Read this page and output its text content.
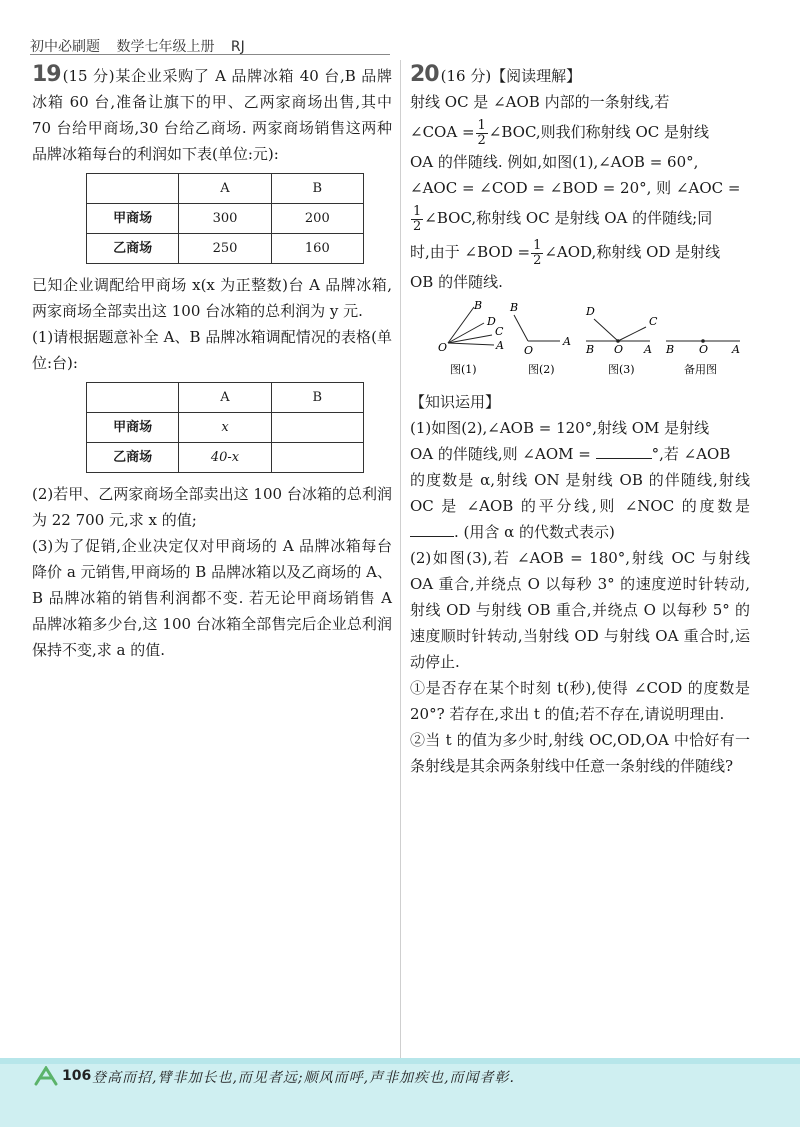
初中必刷题 数学七年级上册 RJ

19 (15 分)某企业采购了 A 品牌冰箱 40 台,B 品牌冰箱 60 台,准备让旗下的甲、乙两家商场出售,其中 70 台给甲商场,30 台给乙商场. 两家商场销售这两种品牌冰箱每台的利润如下表(单位:元):

	A	B
甲商场	300	200
乙商场	250	160

已知企业调配给甲商场 x(x 为正整数)台 A 品牌冰箱,两家商场全部卖出这 100 台冰箱的总利润为 y 元.

(1)请根据题意补全 A、B 品牌冰箱调配情况的表格(单位:台):

	A	B
甲商场	x	
乙商场	40-x	

(2)若甲、乙两家商场全部卖出这 100 台冰箱的总利润为 22 700 元,求 x 的值;

(3)为了促销,企业决定仅对甲商场的 A 品牌冰箱每台降价 a 元销售,甲商场的 B 品牌冰箱以及乙商场的 A、B 品牌冰箱的销售利润都不变. 若无论甲商场销售 A 品牌冰箱多少台,这 100 台冰箱全部售完后企业总利润保持不变,求 a 的值.

20 (16 分)【阅读理解】

射线 OC 是 ∠AOB 内部的一条射线,若

∠COA = $\frac{1}{2}$ ∠BOC,则我们称射线 OC 是射线

OA 的伴随线. 例如,如图(1),∠AOB = 60°,

∠AOC = ∠COD = ∠BOD = 20°, 则 ∠AOC =

$\frac{1}{2}$ ∠BOC,称射线 OC 是射线 OA 的伴随线;同

时,由于 ∠BOD = $\frac{1}{2}$ ∠AOD,称射线 OD 是射线

OB 的伴随线.

B
D
C
A
O
图(1)
B
O
A
图(2)
D
C
B O A
图(3)
B O A
备用图

【知识运用】

(1)如图(2),∠AOB = 120°,射线 OM 是射线

OA 的伴随线,则 ∠AOM =	°,若 ∠AOB

的度数是 α,射线 ON 是射线 OB 的伴随线,射线 OC 是 ∠AOB 的平分线,则 ∠NOC 的度数是. (用含 α 的代数式表示)

(2)如图(3),若 ∠AOB = 180°,射线 OC 与射线 OA 重合,并绕点 O 以每秒 3° 的速度逆时针转动,射线 OD 与射线 OB 重合,并绕点 O 以每秒 5° 的速度顺时针转动,当射线 OD 与射线 OA 重合时,运动停止.

①是否存在某个时刻 t(秒),使得 ∠COD 的度数是 20°? 若存在,求出 t 的值;若不存在,请说明理由.

②当 t 的值为多少时,射线 OC,OD,OA 中恰好有一条射线是其余两条射线中任意一条射线的伴随线?

106 登高而招,臂非加长也,而见者远;顺风而呼,声非加疾也,而闻者彰.
